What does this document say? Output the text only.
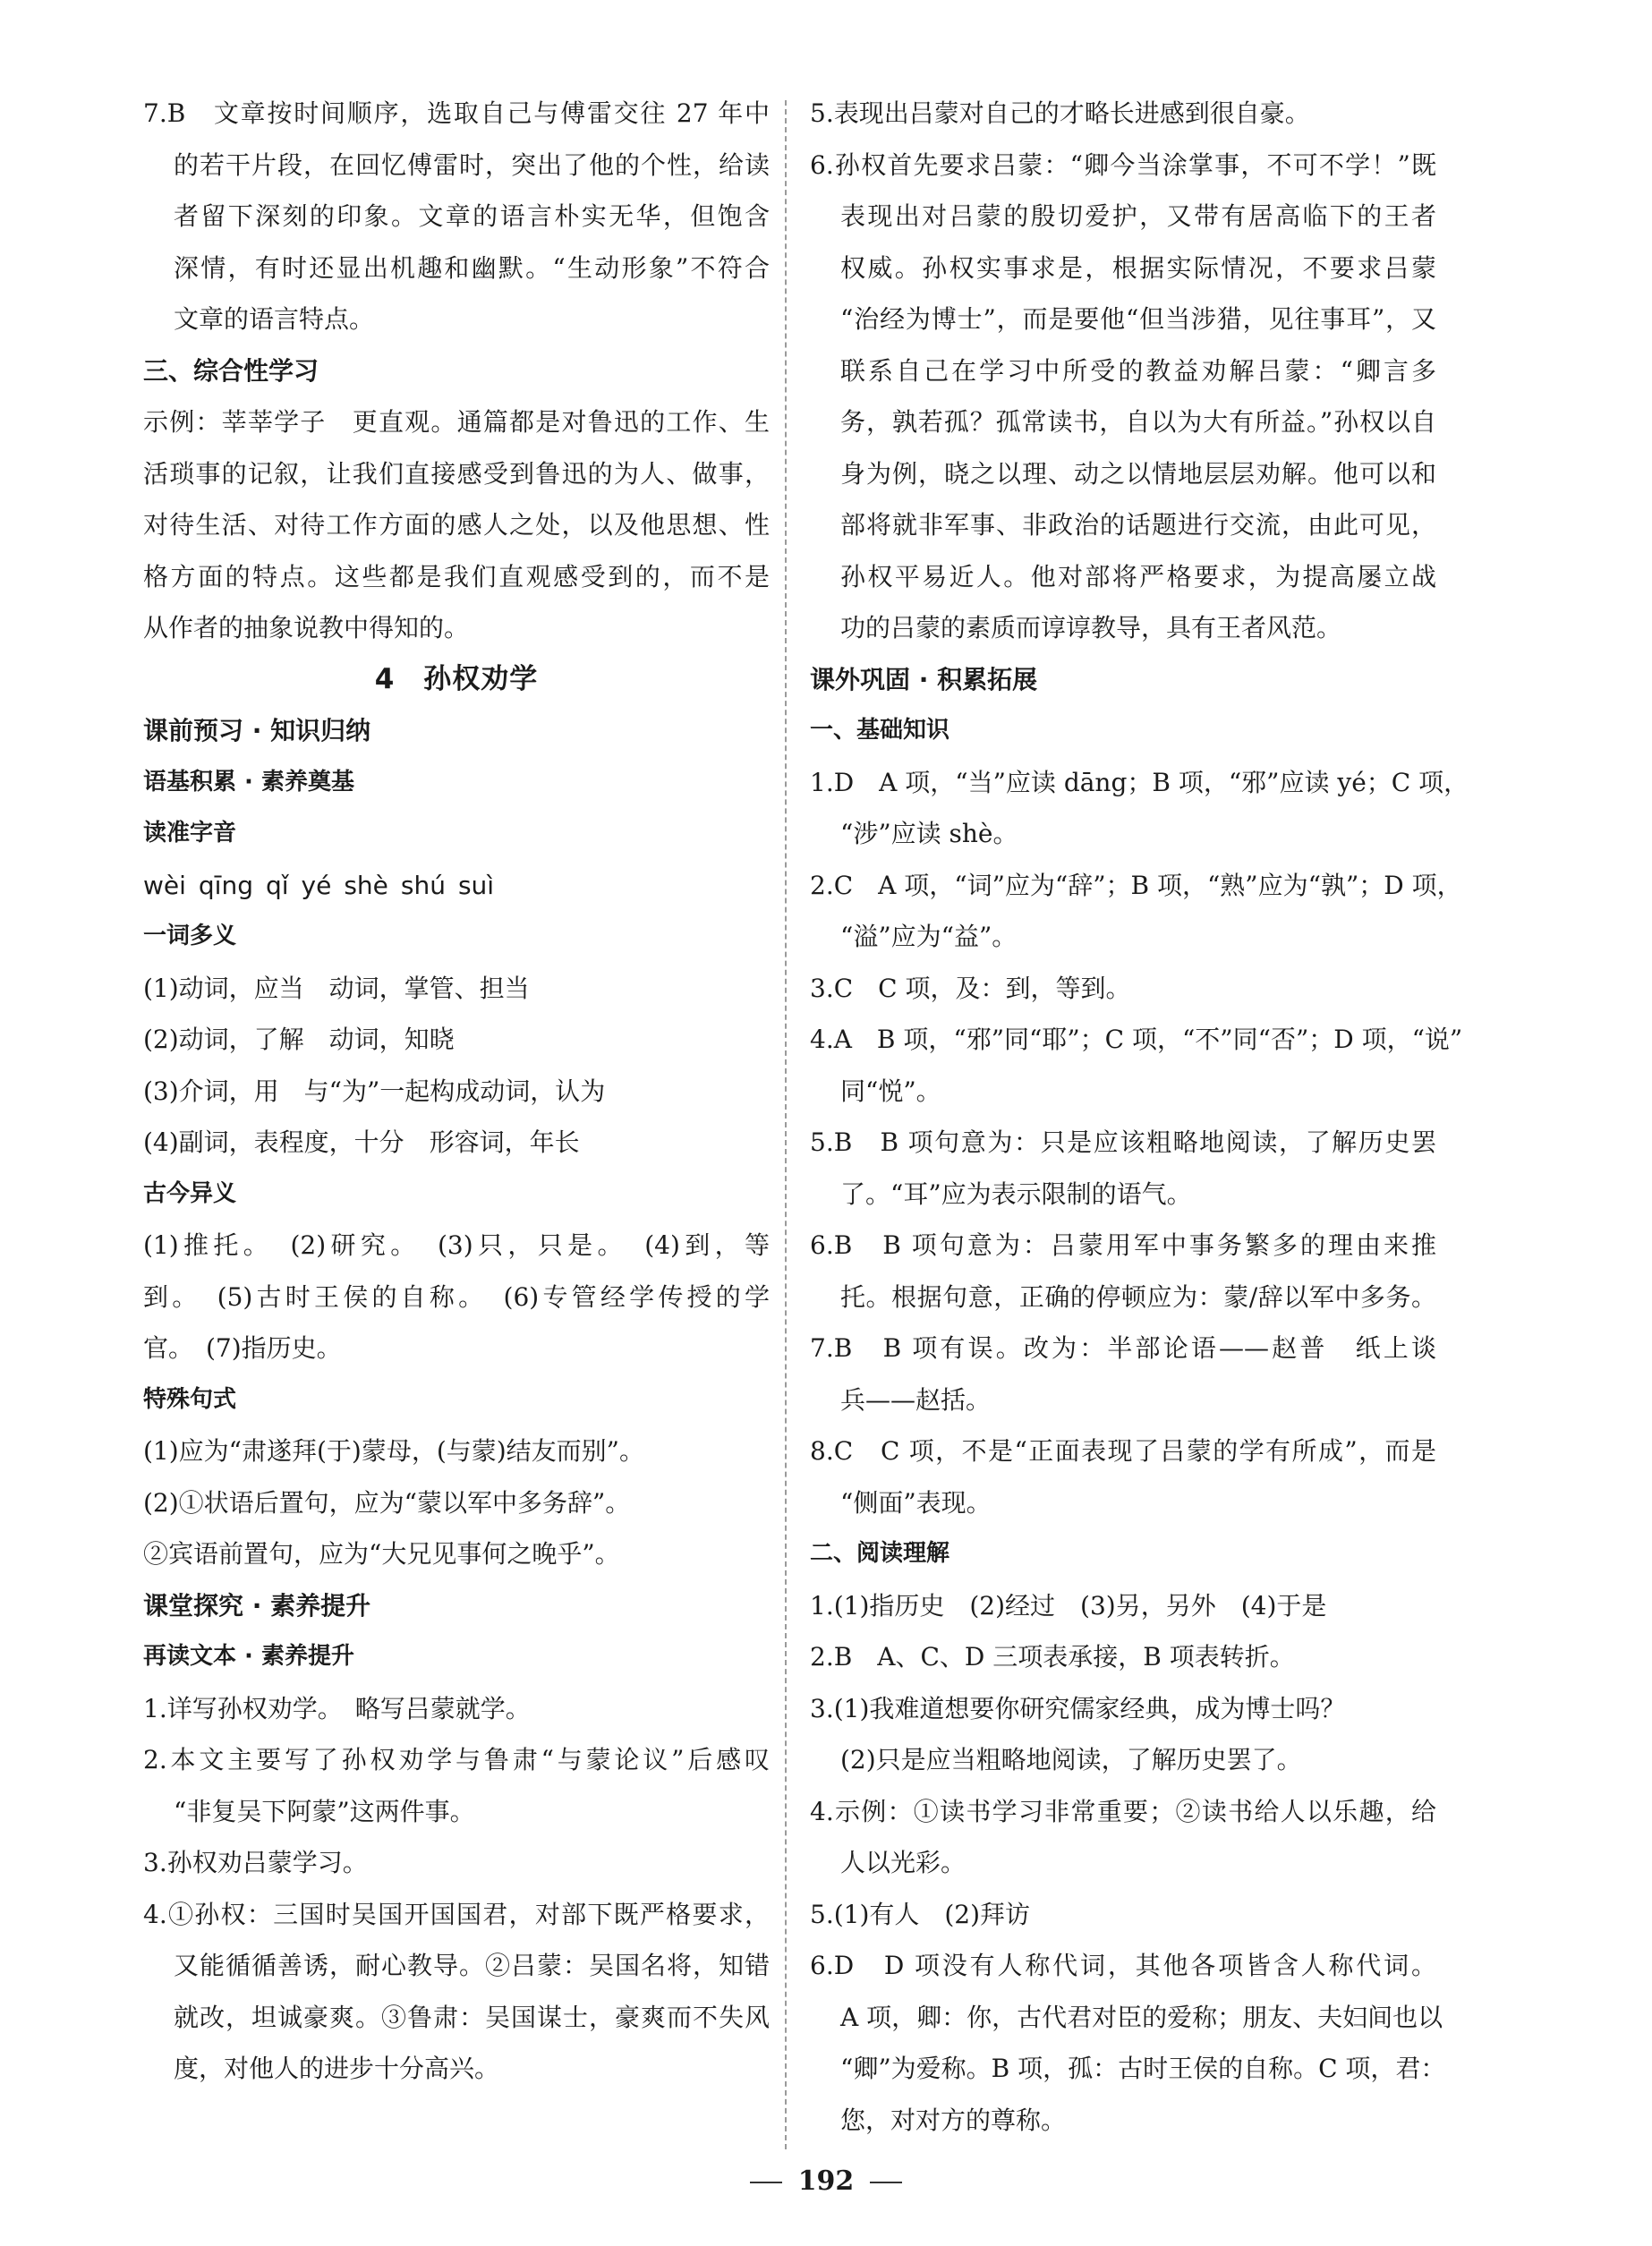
7.B　文章按时间顺序，选取自己与傅雷交往 27 年中
的若干片段，在回忆傅雷时，突出了他的个性，给读
者留下深刻的印象。文章的语言朴实无华，但饱含
深情，有时还显出机趣和幽默。“生动形象”不符合
文章的语言特点。
三、综合性学习
示例：莘莘学子　更直观。通篇都是对鲁迅的工作、生
活琐事的记叙，让我们直接感受到鲁迅的为人、做事，
对待生活、对待工作方面的感人之处，以及他思想、性
格方面的特点。这些都是我们直观感受到的，而不是
从作者的抽象说教中得知的。
4　孙权劝学
课前预习 · 知识归纳
语基积累 · 素养奠基
读准字音
wèi qīng qǐ yé shè shú suì
一词多义
(1)动词，应当　动词，掌管、担当
(2)动词，了解　动词，知晓
(3)介词，用　与“为”一起构成动词，认为
(4)副词，表程度，十分　形容词，年长
古今异义
(1)推托。　(2)研究。　(3)只，只是。　(4)到，等
到。　(5)古时王侯的自称。　(6)专管经学传授的学
官。　(7)指历史。
特殊句式
(1)应为“肃遂拜(于)蒙母，(与蒙)结友而别”。
(2)①状语后置句，应为“蒙以军中多务辞”。
②宾语前置句，应为“大兄见事何之晚乎”。
课堂探究 · 素养提升
再读文本 · 素养提升
1.详写孙权劝学。　略写吕蒙就学。
2.本文主要写了孙权劝学与鲁肃“与蒙论议”后感叹
“非复吴下阿蒙”这两件事。
3.孙权劝吕蒙学习。
4.①孙权：三国时吴国开国国君，对部下既严格要求，
又能循循善诱，耐心教导。②吕蒙：吴国名将，知错
就改，坦诚豪爽。③鲁肃：吴国谋士，豪爽而不失风
度，对他人的进步十分高兴。
5.表现出吕蒙对自己的才略长进感到很自豪。
6.孙权首先要求吕蒙：“卿今当涂掌事，不可不学！”既
表现出对吕蒙的殷切爱护，又带有居高临下的王者
权威。孙权实事求是，根据实际情况，不要求吕蒙
“治经为博士”，而是要他“但当涉猎，见往事耳”，又
联系自己在学习中所受的教益劝解吕蒙：“卿言多
务，孰若孤？孤常读书，自以为大有所益。”孙权以自
身为例，晓之以理、动之以情地层层劝解。他可以和
部将就非军事、非政治的话题进行交流，由此可见，
孙权平易近人。他对部将严格要求，为提高屡立战
功的吕蒙的素质而谆谆教导，具有王者风范。
课外巩固 · 积累拓展
一、基础知识
1.D　A 项，“当”应读 dāng；B 项，“邪”应读 yé；C 项，
“涉”应读 shè。
2.C　A 项，“词”应为“辞”；B 项，“熟”应为“孰”；D 项，
“溢”应为“益”。
3.C　C 项，及：到，等到。
4.A　B 项，“邪”同“耶”；C 项，“不”同“否”；D 项，“说”
同“悦”。
5.B　B 项句意为：只是应该粗略地阅读，了解历史罢
了。“耳”应为表示限制的语气。
6.B　B 项句意为：吕蒙用军中事务繁多的理由来推
托。根据句意，正确的停顿应为：蒙/辞以军中多务。
7.B　B 项有误。改为：半部论语——赵普　纸上谈
兵——赵括。
8.C　C 项，不是“正面表现了吕蒙的学有所成”，而是
“侧面”表现。
二、阅读理解
1.(1)指历史　(2)经过　(3)另，另外　(4)于是
2.B　A、C、D 三项表承接，B 项表转折。
3.(1)我难道想要你研究儒家经典，成为博士吗？
(2)只是应当粗略地阅读，了解历史罢了。
4.示例：①读书学习非常重要；②读书给人以乐趣，给
人以光彩。
5.(1)有人　(2)拜访
6.D　D 项没有人称代词，其他各项皆含人称代词。
A 项，卿：你，古代君对臣的爱称；朋友、夫妇间也以
“卿”为爱称。B 项，孤：古时王侯的自称。C 项，君：
您，对对方的尊称。
192
